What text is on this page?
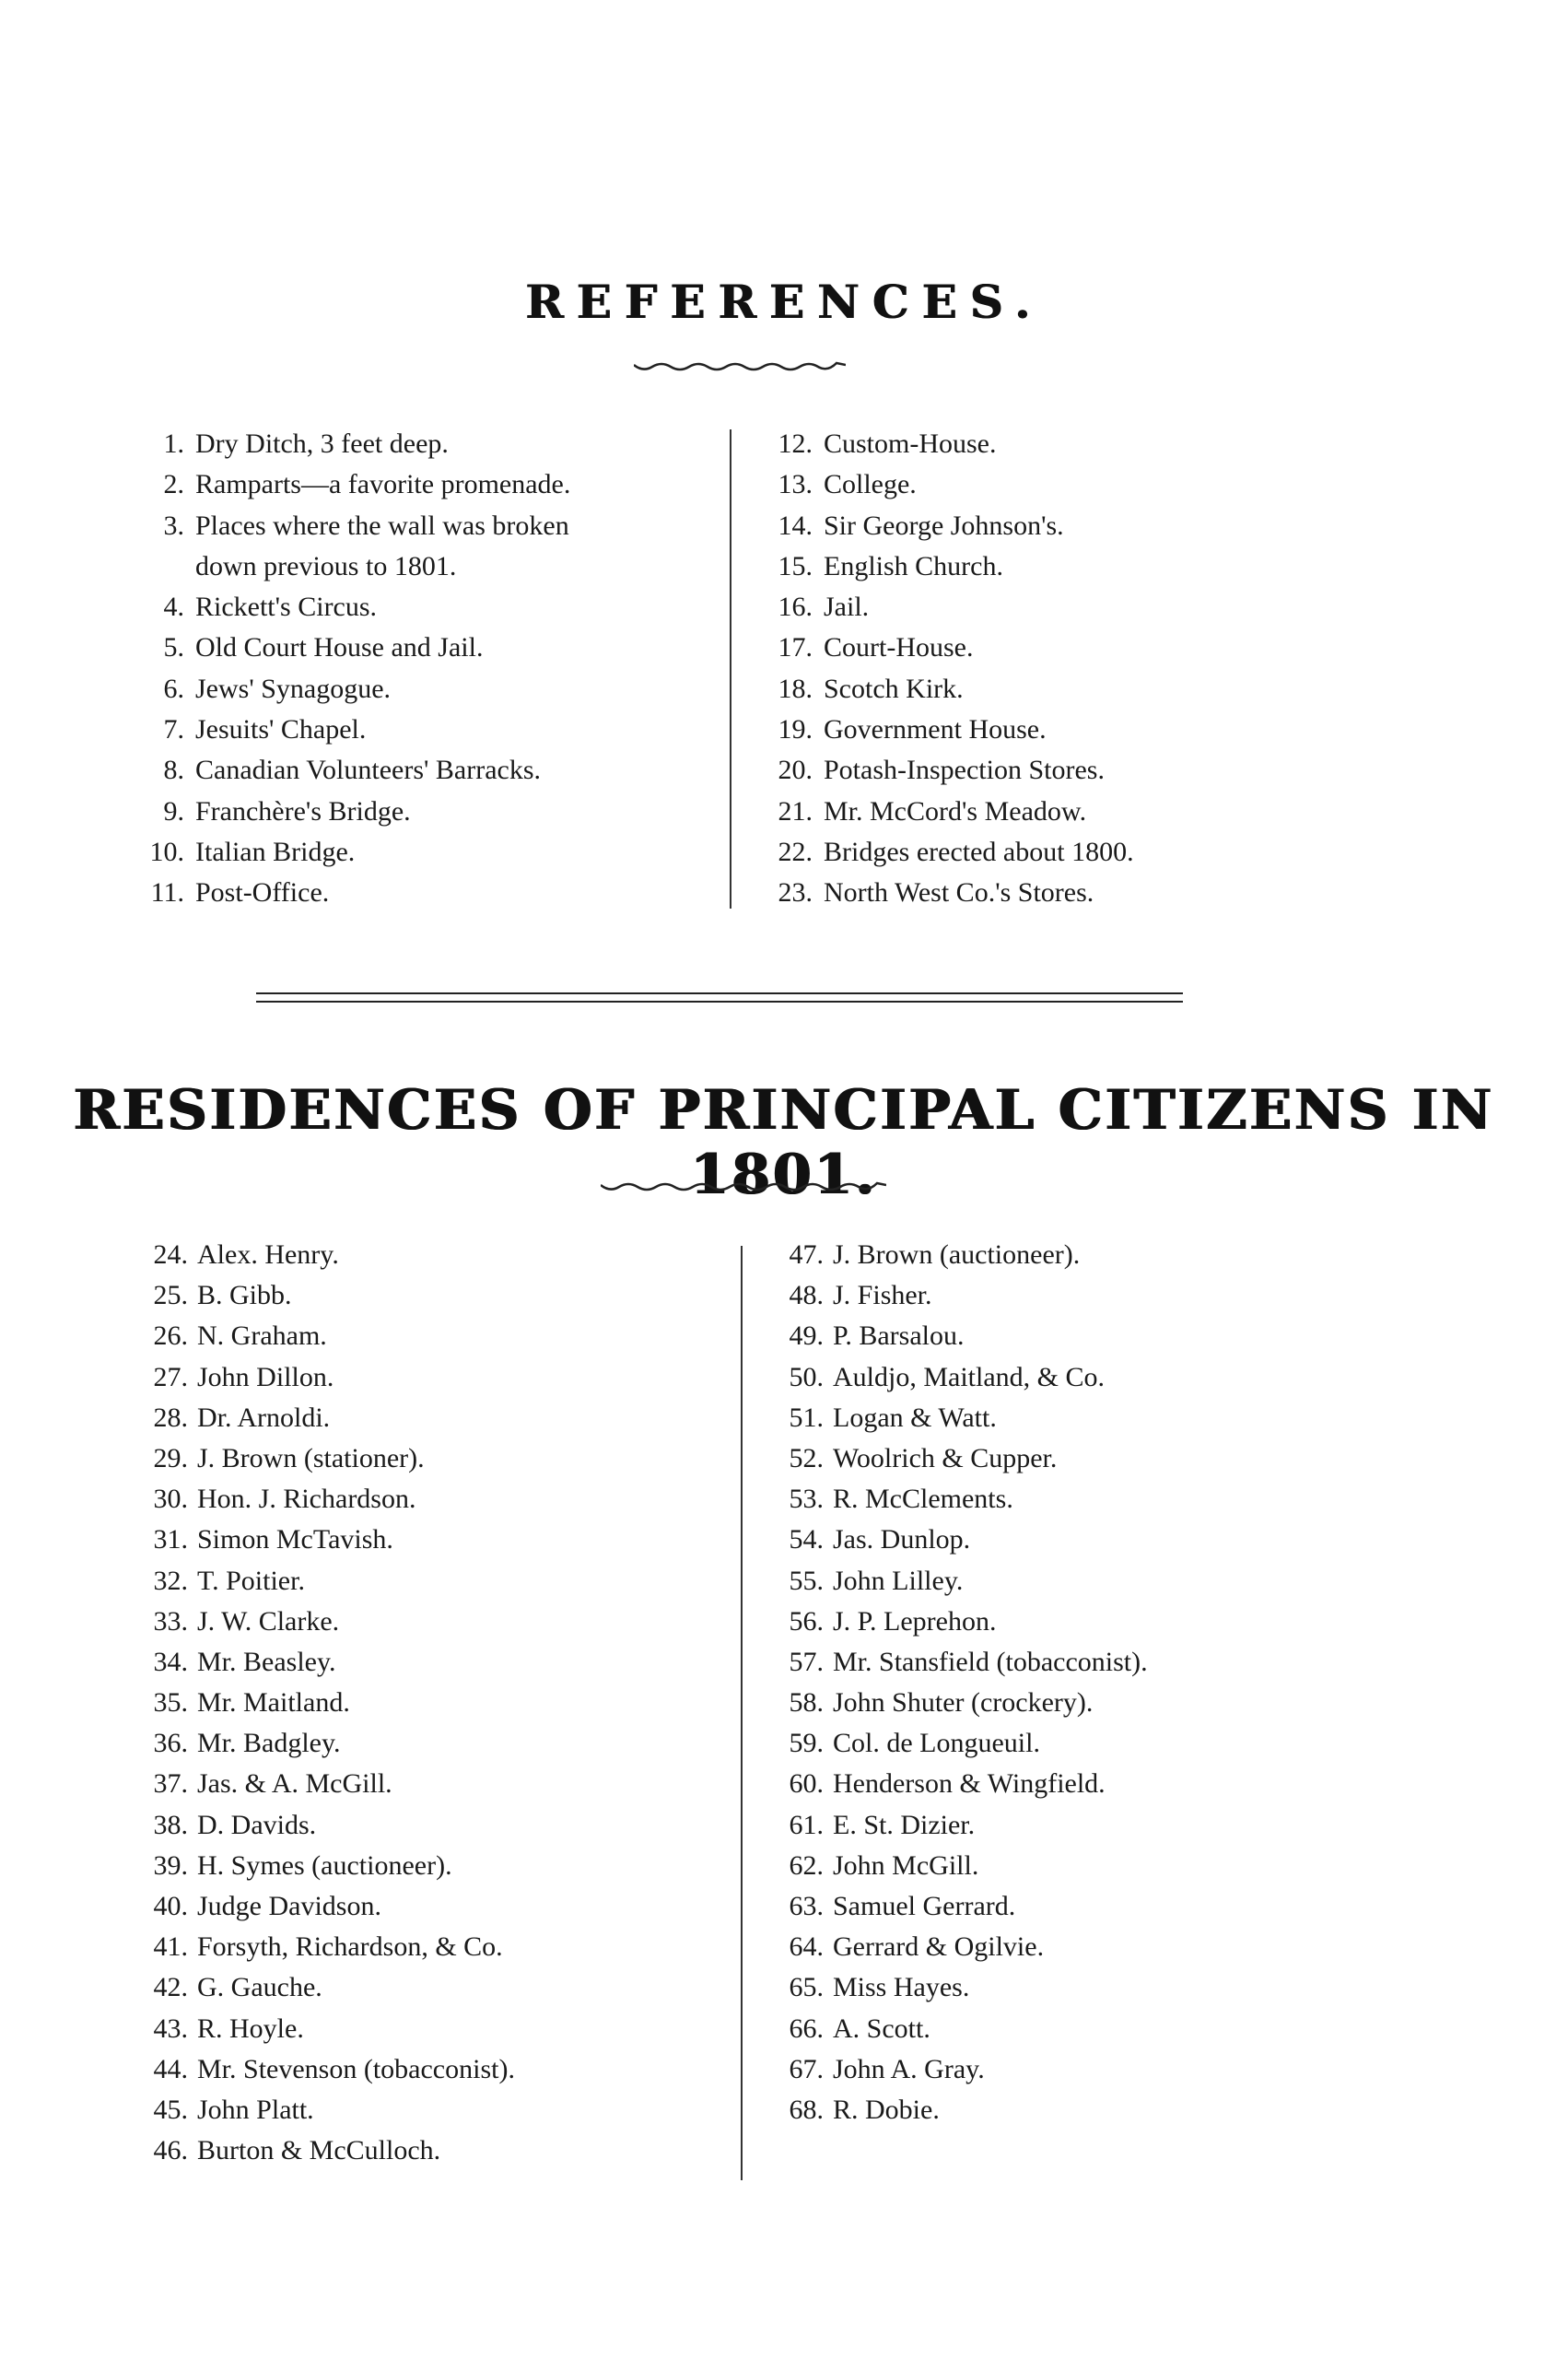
REFERENCES.
1. Dry Ditch, 3 feet deep.
2. Ramparts—a favorite promenade.
3. Places where the wall was broken
down previous to 1801.
4. Rickett's Circus.
5. Old Court House and Jail.
6. Jews' Synagogue.
7. Jesuits' Chapel.
8. Canadian Volunteers' Barracks.
9. Franchère's Bridge.
10. Italian Bridge.
11. Post-Office.
12. Custom-House.
13. College.
14. Sir George Johnson's.
15. English Church.
16. Jail.
17. Court-House.
18. Scotch Kirk.
19. Government House.
20. Potash-Inspection Stores.
21. Mr. McCord's Meadow.
22. Bridges erected about 1800.
23. North West Co.'s Stores.
RESIDENCES OF PRINCIPAL CITIZENS IN 1801.
24. Alex. Henry.
25. B. Gibb.
26. N. Graham.
27. John Dillon.
28. Dr. Arnoldi.
29. J. Brown (stationer).
30. Hon. J. Richardson.
31. Simon McTavish.
32. T. Poitier.
33. J. W. Clarke.
34. Mr. Beasley.
35. Mr. Maitland.
36. Mr. Badgley.
37. Jas. & A. McGill.
38. D. Davids.
39. H. Symes (auctioneer).
40. Judge Davidson.
41. Forsyth, Richardson, & Co.
42. G. Gauche.
43. R. Hoyle.
44. Mr. Stevenson (tobacconist).
45. John Platt.
46. Burton & McCulloch.
47. J. Brown (auctioneer).
48. J. Fisher.
49. P. Barsalou.
50. Auldjo, Maitland, & Co.
51. Logan & Watt.
52. Woolrich & Cupper.
53. R. McClements.
54. Jas. Dunlop.
55. John Lilley.
56. J. P. Leprehon.
57. Mr. Stansfield (tobacconist).
58. John Shuter (crockery).
59. Col. de Longueuil.
60. Henderson & Wingfield.
61. E. St. Dizier.
62. John McGill.
63. Samuel Gerrard.
64. Gerrard & Ogilvie.
65. Miss Hayes.
66. A. Scott.
67. John A. Gray.
68. R. Dobie.
